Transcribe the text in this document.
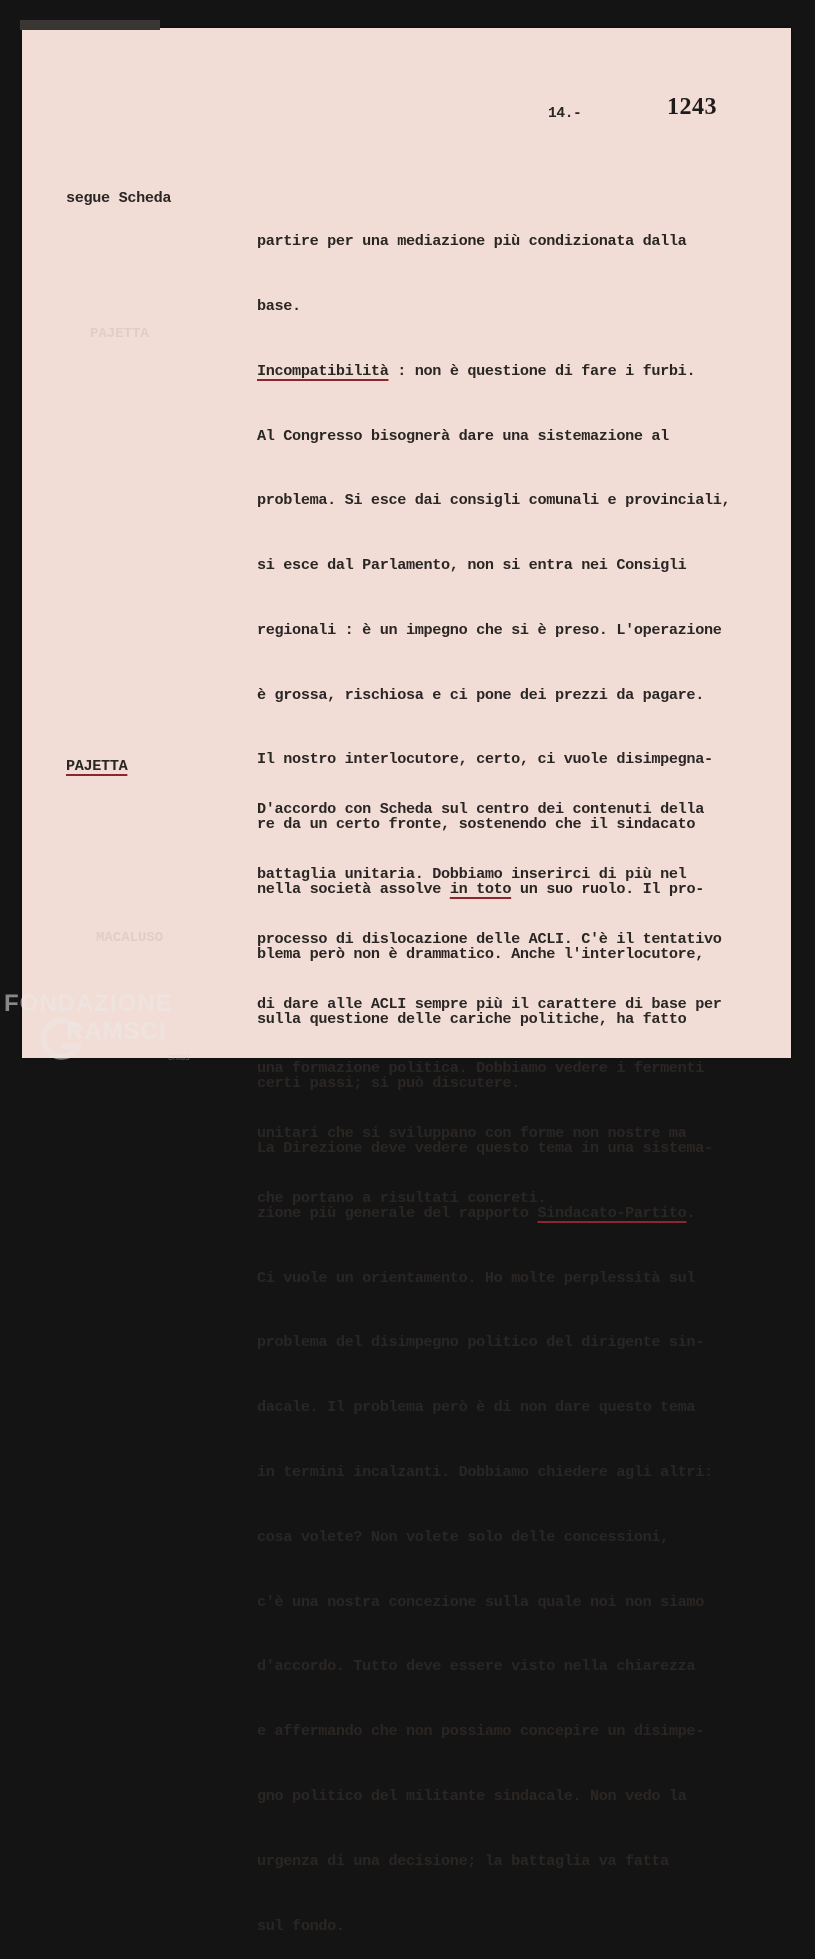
PAJETTA
MACALUSO
14.-	1243
segue Scheda

partire per una mediazione più condizionata dalla

base.

Incompatibilità : non è questione di fare i furbi.

Al Congresso bisognerà dare una sistemazione al

problema. Si esce dai consigli comunali e provinciali,

si esce dal Parlamento, non si entra nei Consigli

regionali : è un impegno che si è preso. L'operazione

è grossa, rischiosa e ci pone dei prezzi da pagare.

Il nostro interlocutore, certo, ci vuole disimpegna-

re da un certo fronte, sostenendo che il sindacato

nella società assolve in toto un suo ruolo. Il pro-

blema però non è drammatico. Anche l'interlocutore,

sulla questione delle cariche politiche, ha fatto

certi passi; si può discutere.

La Direzione deve vedere questo tema in una sistema-

zione più generale del rapporto Sindacato-Partito.

Ci vuole un orientamento. Ho molte perplessità sul

problema del disimpegno politico del dirigente sin-

dacale. Il problema però è di non dare questo tema

in termini incalzanti. Dobbiamo chiedere agli altri:

cosa volete? Non volete solo delle concessioni,

c'è una nostra concezione sulla quale noi non siamo

d'accordo. Tutto deve essere visto nella chiarezza

e affermando che non possiamo concepire un disimpe-

gno politico del militante sindacale. Non vedo la

urgenza di una decisione; la battaglia va fatta

sul fondo.

PAJETTA

D'accordo con Scheda sul centro dei contenuti della

battaglia unitaria. Dobbiamo inserirci di più nel

processo di dislocazione delle ACLI. C'è il tentativo

di dare alle ACLI sempre più il carattere di base per

una formazione politica. Dobbiamo vedere i fermenti

unitari che si sviluppano con forme non nostre ma

che portano a risultati concreti.

FONDAZIONE
RAMSCI
onlus
